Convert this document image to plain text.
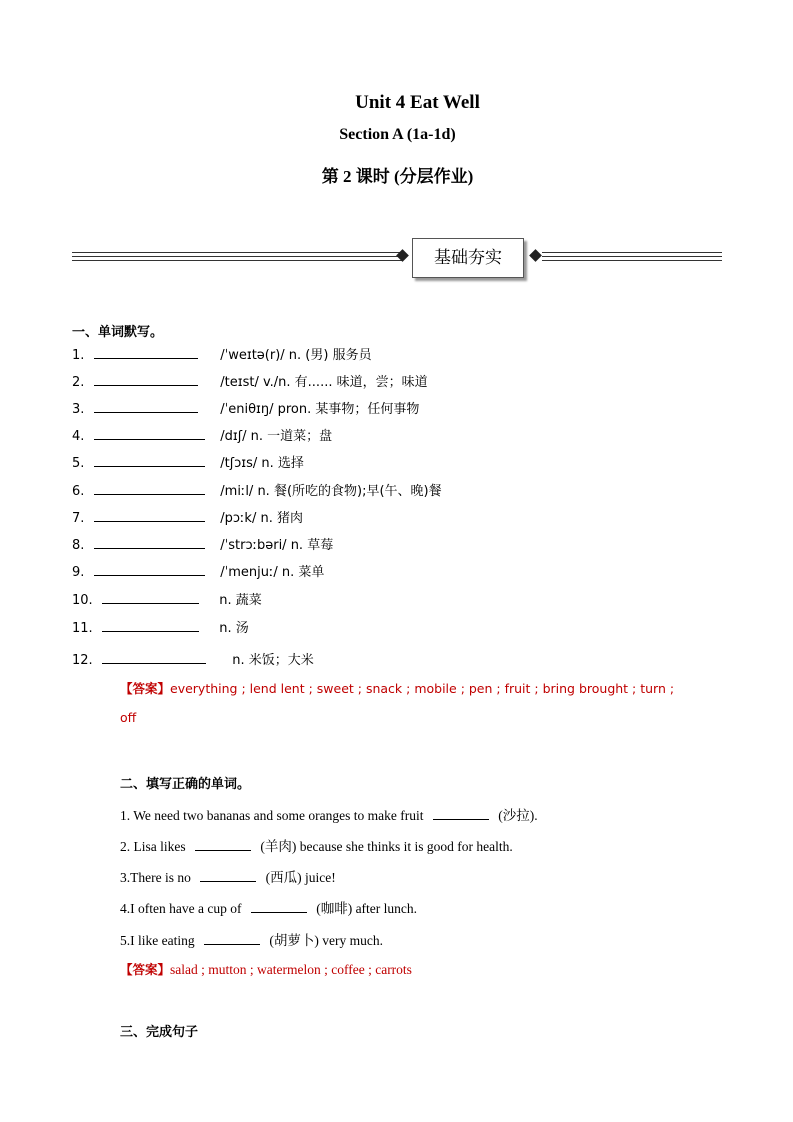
Unit 4 Eat Well
Section A (1a-1d)
第 2 课时 (分层作业)
基础夯实
一、单词默写。
1.	/ˈweɪtə(r)/ n. (男) 服务员
2.	/teɪst/ v./n. 有...... 味道，尝；味道
3.	/ˈeniθɪŋ/ pron. 某事物；任何事物
4.	/dɪʃ/ n. 一道菜；盘
5.	/tʃɔɪs/ n. 选择
6.	/miːl/ n. 餐(所吃的食物);早(午、晚)餐
7.	/pɔːk/ n. 猪肉
8.	/ˈstrɔːbəri/ n. 草莓
9.	/ˈmenjuː/ n. 菜单
10.	n. 蔬菜
11.	n. 汤
12.	n. 米饭；大米
【答案】everything ; lend lent ; sweet ; snack ; mobile ; pen ; fruit ; bring brought ; turn ;
off
二、填写正确的单词。
1. We need two bananas and some oranges to make fruit	(沙拉).
2. Lisa likes	(羊肉) because she thinks it is good for health.
3.There is no	(西瓜) juice!
4.I often have a cup of	(咖啡) after lunch.
5.I like eating	(胡萝卜) very much.
【答案】salad ; mutton ; watermelon ; coffee ; carrots
三、完成句子
